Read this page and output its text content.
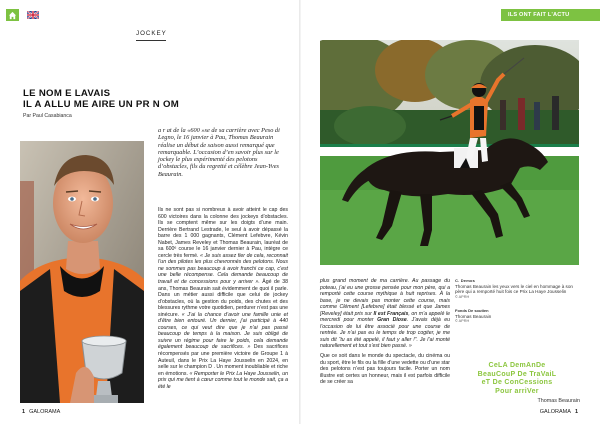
ILS ONT FAIT L'ACTU
JOCKEY
LE NOM E LAVAIS
IL A ALLU ME AIRE UN PR N OM
Par Paul Casabianca
a r at de la «600 »se de sa carrière avec Peso di Legno, le 16 janvier à Pau, Thomas Beaurain réalise un début de saison aussi remarqué que remarquable. L’occasion d’en savoir plus sur le jockey le plus expérimenté des pelotons d’obstacles, fils du regretté et célèbre Jean-Yves Beaurain.
Ils ne sont pas si nombreux à avoir atteint le cap des 600 victoires dans la colonne des jockeys d’obstacles. Ils se comptent même sur les doigts d’une main. Derrière Bertrand Lestrade, le seul à avoir dépassé la barre des 1 000 gagnants, Clément Lefebvre, Kévin Nabet, James Reveley et Thomas Beaurain, lauréat de sa 600ᵉ course le 16 janvier dernier à Pau, intègre ce cercle très fermé. « Je suis assez fier de cela, reconnait l’un des pilotes les plus chevronnés des pelotons. Nous ne sommes pas beaucoup à avoir franchi ce cap, c’est une belle récompense. Cela demande beaucoup de travail et de concessions pour y arriver ». Âgé de 38 ans, Thomas Beaurain sait évidemment de quoi il parle. Dans un métier aussi difficile que celui de jockey d’obstacles, où la gestion du poids, des chutes et des blessures rythme votre quotidien, perdurer n’est pas une sinécure. « J’ai la chance d’avoir une famille unie et d’être bien entouré. Un dernier, j’ai participé à 440 courses, ce qui veut dire que je n’ai pas passé beaucoup de temps à la maison. Je suis obligé de suivre un régime pour faire le poids, cela demande également beaucoup de sacrifices. » Des sacrifices récompensés par une première victoire de Groupe 1 à Auteuil, dans le Prix La Haye Jousselin en 2024, en selle sur le champion D . Un moment inoubliable et riche en émotions. « Remporter le Prix La Haye Jousselin, un prix qui me tient à cœur comme tout le monde sait, ça a été le
1 GALORAMA
C. Demos
Thomas Beaurain les yeux vers le ciel en hommage à son père qui a remporté huit fois ce Prix La Haye Jousselin
© APRH
Fonds De soutien
Thomas Beaurain
© APRH

plus grand moment de ma carrière. Au passage du poteau, j’ai eu une grosse pensée pour mon père, qui a remporté cette course mythique à huit reprises. À la base, je ne devais pas monter cette course, mais comme Clément [Lefebvre] était blessé et que James [Reveley] était pris sur Il est Français, on m’a appelé le mercredi pour monter Gran Diose. J’avais déjà eu l’occasion de lui être associé pour une course de rentrée. Je n’ai pas eu le temps de trop cogiter, je me suis dit “tu as été appelé, il faut y aller !”. Je l’ai monté naturellement et tout s’est bien passé. »

Que ce soit dans le monde du spectacle, du cinéma ou du sport, être le fils ou la fille d’une vedette ou d’une star des pelotons n’est pas toujours facile. Porter un nom illustre est certes un honneur, mais il est parfois difficile de se créer sa

CeLA DemAnDe
BeauCouP De TraVaiL
eT De ConCessions
Pour arriVer
Thomas Beaurain
GALORAMA 1
